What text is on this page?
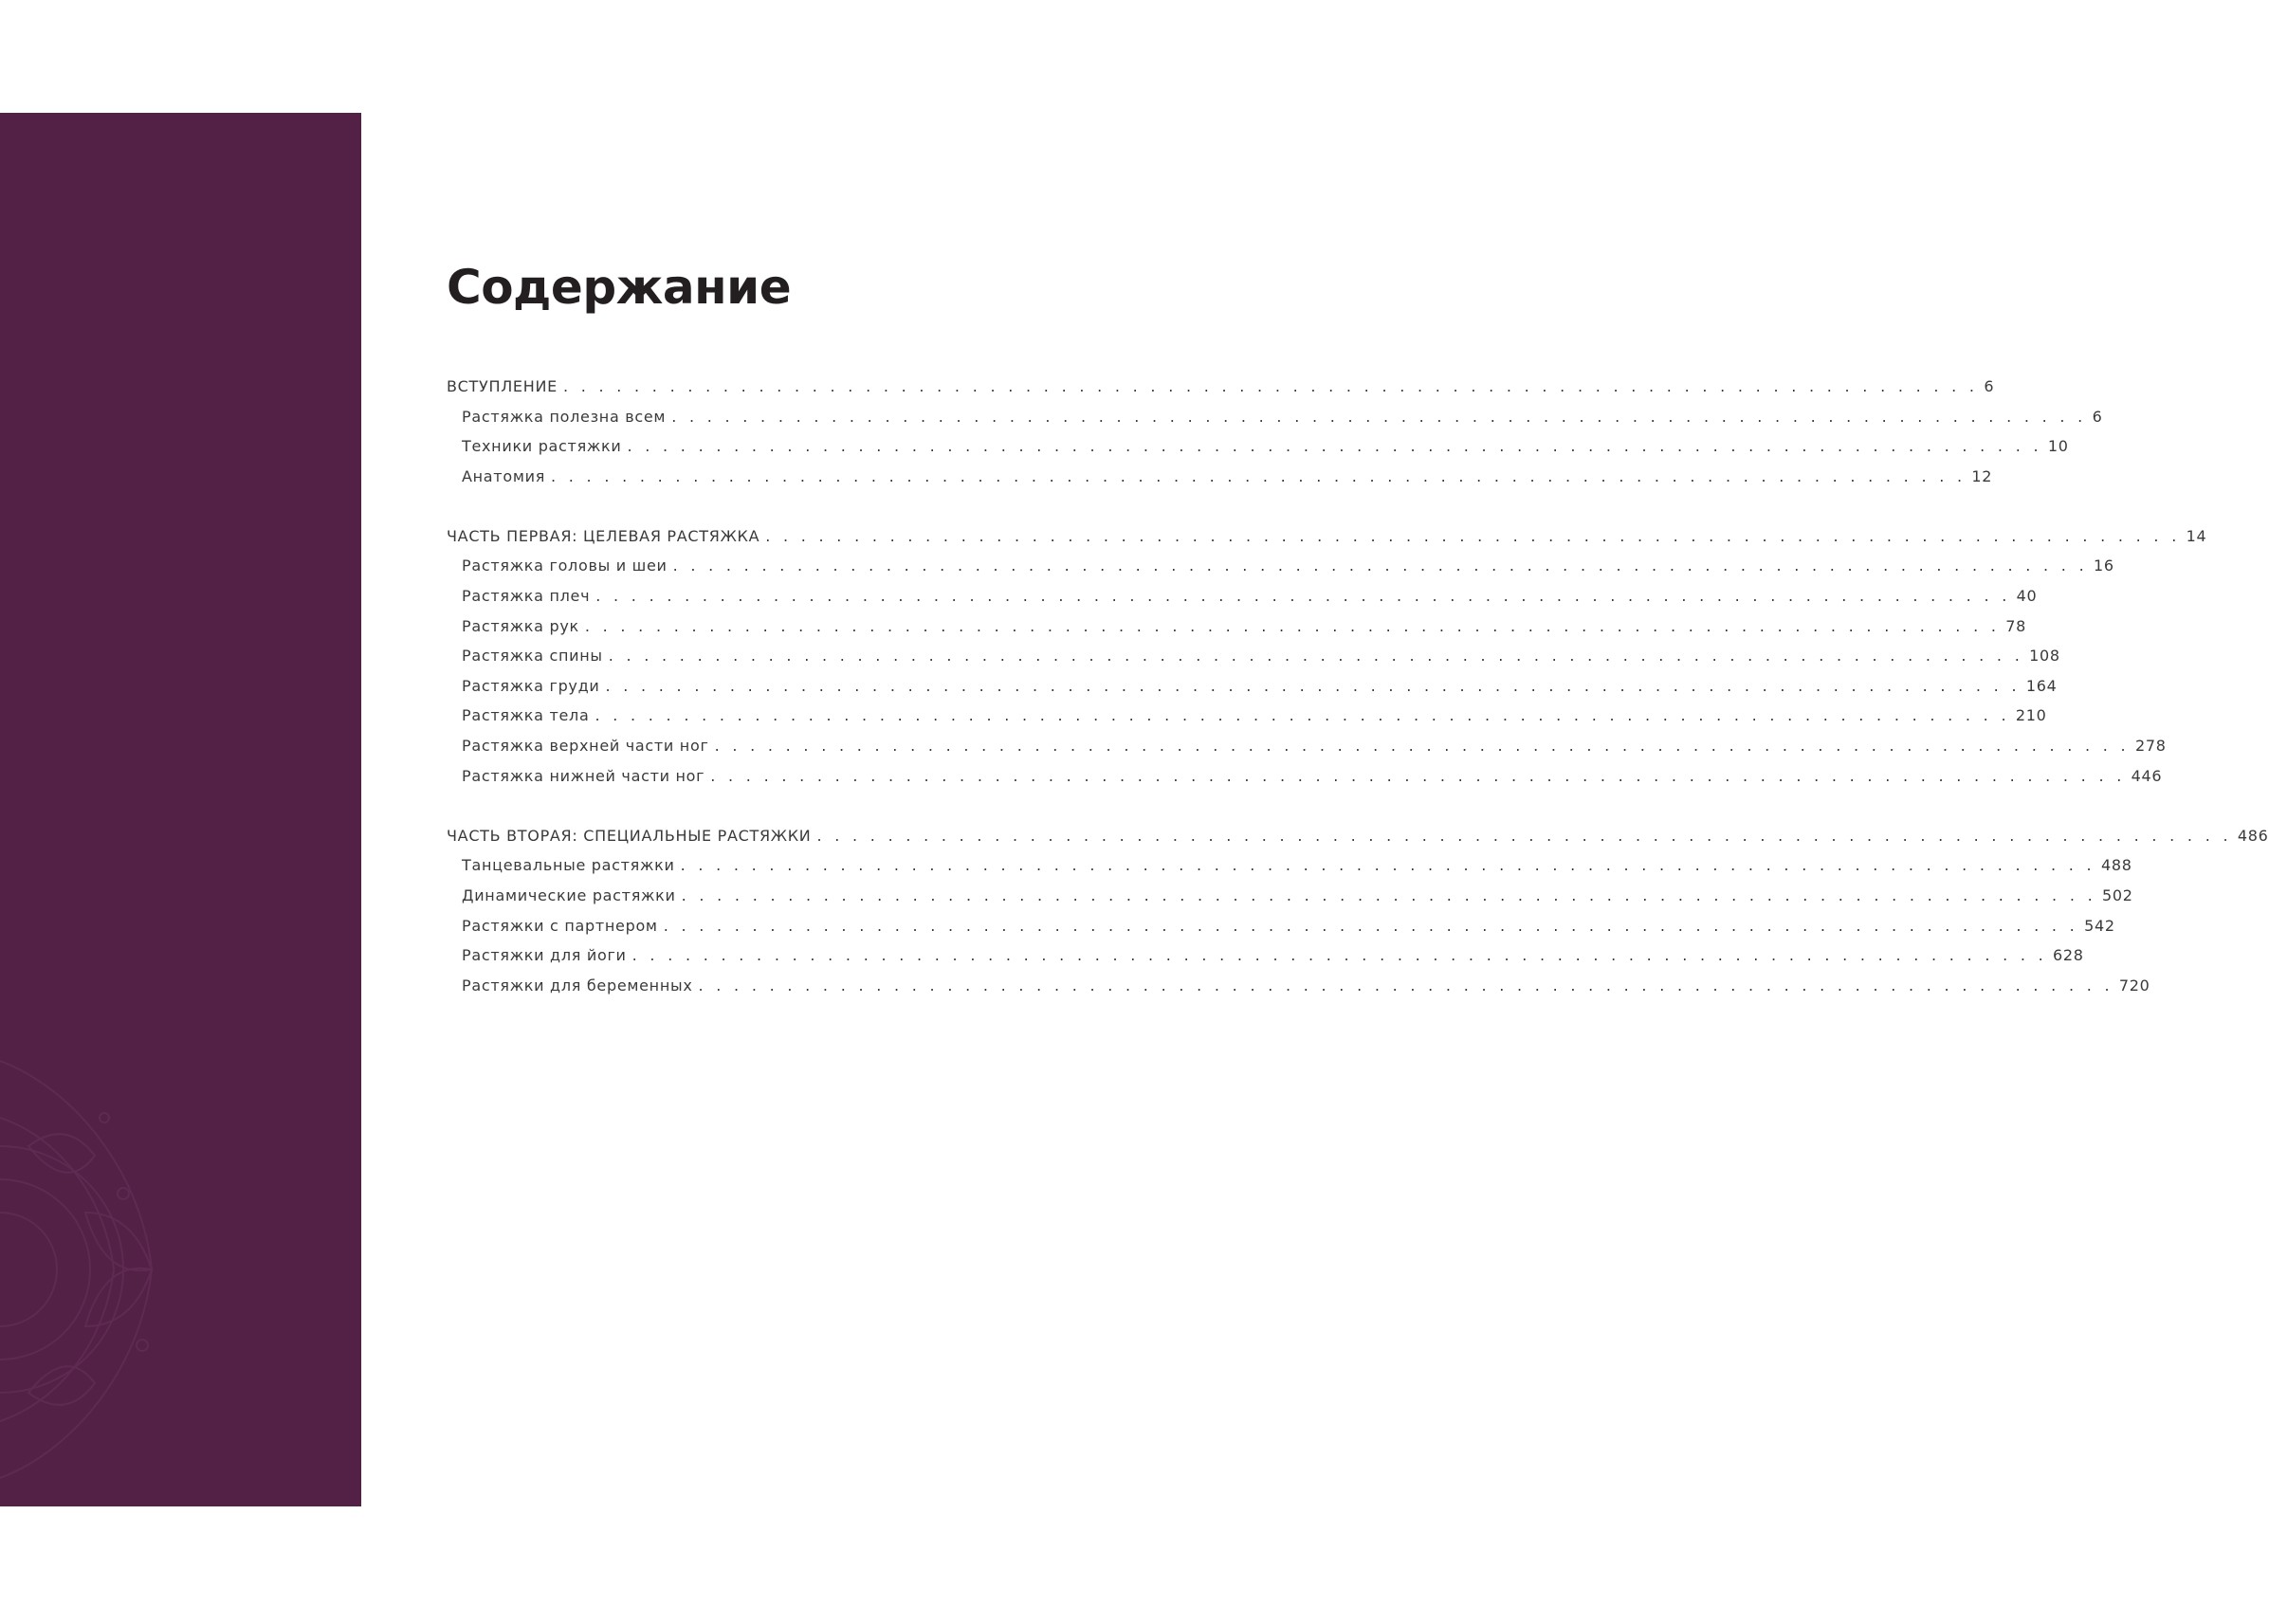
Содержание
ВСТУПЛЕНИЕ . . . . . . . . . . . . . . . . . . . . . . . . . . . . . . . . . . . . . . . . . . . . . . . . . . . . . . . . . . . . . . . . . . . . . . . . . . . . . . . . 6
Растяжка полезна всем . . . . . . . . . . . . . . . . . . . . . . . . . . . . . . . . . . . . . . . . . . . . . . . . . . . . . . . . . . . . . . . . . . . . . . . . . . . . . . . . 6
Техники растяжки . . . . . . . . . . . . . . . . . . . . . . . . . . . . . . . . . . . . . . . . . . . . . . . . . . . . . . . . . . . . . . . . . . . . . . . . . . . . . . . . 10
Анатомия . . . . . . . . . . . . . . . . . . . . . . . . . . . . . . . . . . . . . . . . . . . . . . . . . . . . . . . . . . . . . . . . . . . . . . . . . . . . . . . . 12
ЧАСТЬ ПЕРВАЯ: ЦЕЛЕВАЯ РАСТЯЖКА . . . . . . . . . . . . . . . . . . . . . . . . . . . . . . . . . . . . . . . . . . . . . . . . . . . . . . . . . . . . . . . . . . . . . . . . . . . . . . . . 14
Растяжка головы и шеи . . . . . . . . . . . . . . . . . . . . . . . . . . . . . . . . . . . . . . . . . . . . . . . . . . . . . . . . . . . . . . . . . . . . . . . . . . . . . . . . 16
Растяжка плеч . . . . . . . . . . . . . . . . . . . . . . . . . . . . . . . . . . . . . . . . . . . . . . . . . . . . . . . . . . . . . . . . . . . . . . . . . . . . . . . . 40
Растяжка рук . . . . . . . . . . . . . . . . . . . . . . . . . . . . . . . . . . . . . . . . . . . . . . . . . . . . . . . . . . . . . . . . . . . . . . . . . . . . . . . . 78
Растяжка спины . . . . . . . . . . . . . . . . . . . . . . . . . . . . . . . . . . . . . . . . . . . . . . . . . . . . . . . . . . . . . . . . . . . . . . . . . . . . . . . . 108
Растяжка груди . . . . . . . . . . . . . . . . . . . . . . . . . . . . . . . . . . . . . . . . . . . . . . . . . . . . . . . . . . . . . . . . . . . . . . . . . . . . . . . . 164
Растяжка тела . . . . . . . . . . . . . . . . . . . . . . . . . . . . . . . . . . . . . . . . . . . . . . . . . . . . . . . . . . . . . . . . . . . . . . . . . . . . . . . . 210
Растяжка верхней части ног . . . . . . . . . . . . . . . . . . . . . . . . . . . . . . . . . . . . . . . . . . . . . . . . . . . . . . . . . . . . . . . . . . . . . . . . . . . . . . . . 278
Растяжка нижней части ног . . . . . . . . . . . . . . . . . . . . . . . . . . . . . . . . . . . . . . . . . . . . . . . . . . . . . . . . . . . . . . . . . . . . . . . . . . . . . . . . 446
ЧАСТЬ ВТОРАЯ: СПЕЦИАЛЬНЫЕ РАСТЯЖКИ . . . . . . . . . . . . . . . . . . . . . . . . . . . . . . . . . . . . . . . . . . . . . . . . . . . . . . . . . . . . . . . . . . . . . . . . . . . . . . . . 486
Танцевальные растяжки . . . . . . . . . . . . . . . . . . . . . . . . . . . . . . . . . . . . . . . . . . . . . . . . . . . . . . . . . . . . . . . . . . . . . . . . . . . . . . . . 488
Динамические растяжки . . . . . . . . . . . . . . . . . . . . . . . . . . . . . . . . . . . . . . . . . . . . . . . . . . . . . . . . . . . . . . . . . . . . . . . . . . . . . . . . 502
Растяжки с партнером . . . . . . . . . . . . . . . . . . . . . . . . . . . . . . . . . . . . . . . . . . . . . . . . . . . . . . . . . . . . . . . . . . . . . . . . . . . . . . . . 542
Растяжки для йоги . . . . . . . . . . . . . . . . . . . . . . . . . . . . . . . . . . . . . . . . . . . . . . . . . . . . . . . . . . . . . . . . . . . . . . . . . . . . . . . . 628
Растяжки для беременных . . . . . . . . . . . . . . . . . . . . . . . . . . . . . . . . . . . . . . . . . . . . . . . . . . . . . . . . . . . . . . . . . . . . . . . . . . . . . . . . 720
